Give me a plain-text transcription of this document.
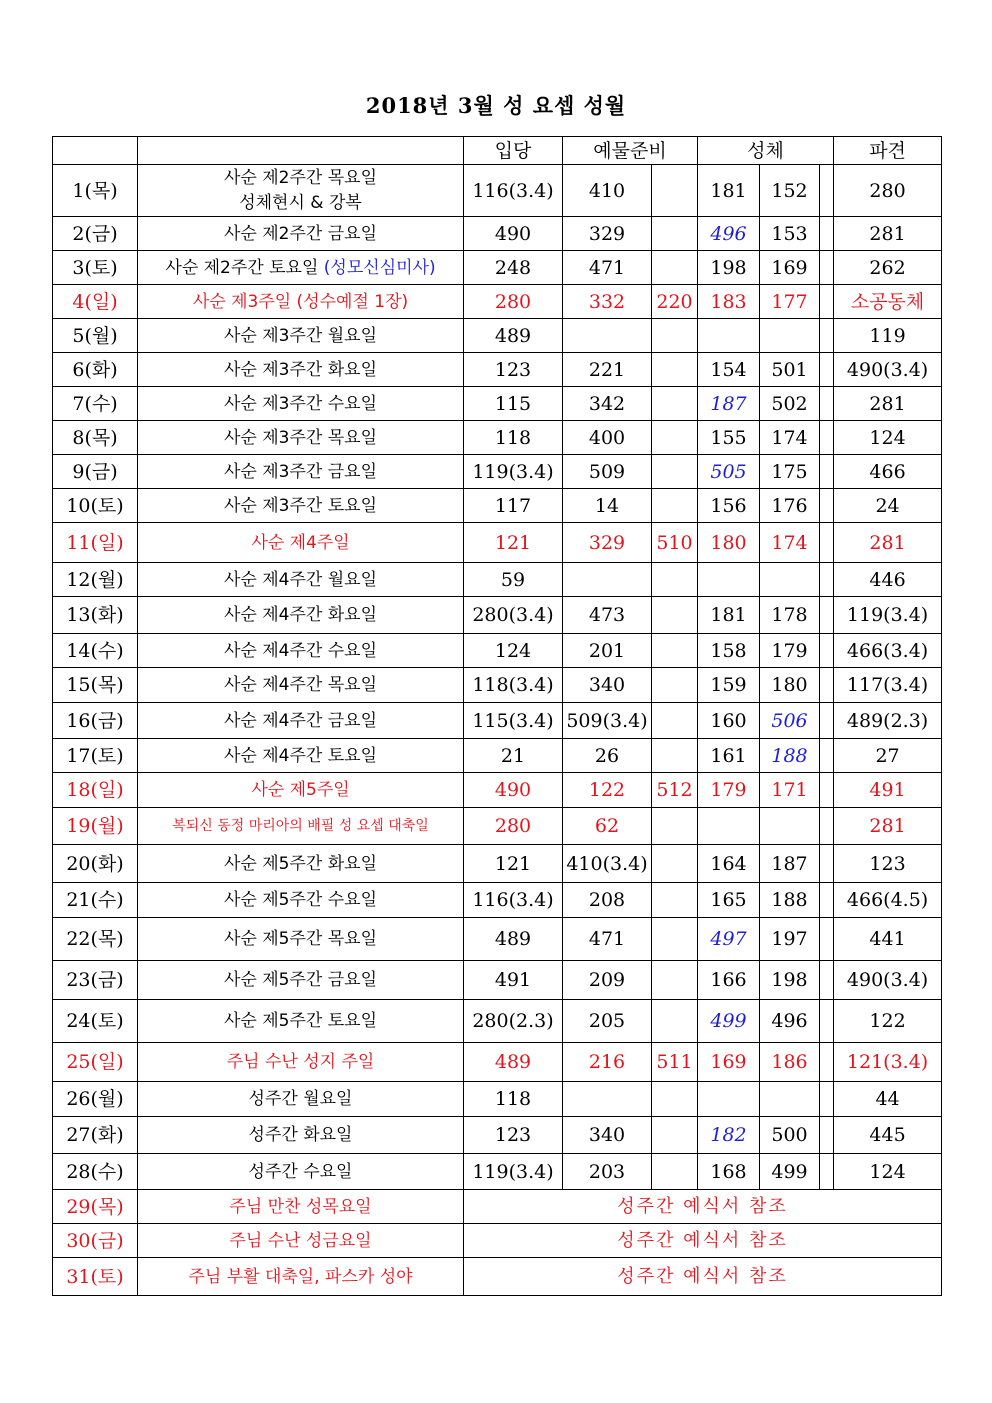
2018년 3월 성 요셉 성월
		입당	예물준비		성체			파견
1(목)	사순 제2주간 목요일
성체현시 & 강복	116(3.4)	410		181	152		280
2(금)	사순 제2주간 금요일	490	329		496	153		281
3(토)	사순 제2주간 토요일 (성모신심미사)	248	471		198	169		262
4(일)	사순 제3주일 (성수예절 1장)	280	332	220	183	177		소공동체
5(월)	사순 제3주간 월요일	489						119
6(화)	사순 제3주간 화요일	123	221		154	501		490(3.4)
7(수)	사순 제3주간 수요일	115	342		187	502		281
8(목)	사순 제3주간 목요일	118	400		155	174		124
9(금)	사순 제3주간 금요일	119(3.4)	509		505	175		466
10(토)	사순 제3주간 토요일	117	14		156	176		24
11(일)	사순 제4주일	121	329	510	180	174		281
12(월)	사순 제4주간 월요일	59						446
13(화)	사순 제4주간 화요일	280(3.4)	473		181	178		119(3.4)
14(수)	사순 제4주간 수요일	124	201		158	179		466(3.4)
15(목)	사순 제4주간 목요일	118(3.4)	340		159	180		117(3.4)
16(금)	사순 제4주간 금요일	115(3.4)	509(3.4)		160	506		489(2.3)
17(토)	사순 제4주간 토요일	21	26		161	188		27
18(일)	사순 제5주일	490	122	512	179	171		491
19(월)	복되신 동정 마리아의 배필 성 요셉 대축일	280	62					281
20(화)	사순 제5주간 화요일	121	410(3.4)		164	187		123
21(수)	사순 제5주간 수요일	116(3.4)	208		165	188		466(4.5)
22(목)	사순 제5주간 목요일	489	471		497	197		441
23(금)	사순 제5주간 금요일	491	209		166	198		490(3.4)
24(토)	사순 제5주간 토요일	280(2.3)	205		499	496		122
25(일)	주님 수난 성지 주일	489	216	511	169	186		121(3.4)
26(월)	성주간 월요일	118						44
27(화)	성주간 화요일	123	340		182	500		445
28(수)	성주간 수요일	119(3.4)	203		168	499		124
29(목)	주님 만찬 성목요일	성주간 예식서 참조						
30(금)	주님 수난 성금요일	성주간 예식서 참조						
31(토)	주님 부활 대축일, 파스카 성야	성주간 예식서 참조						
